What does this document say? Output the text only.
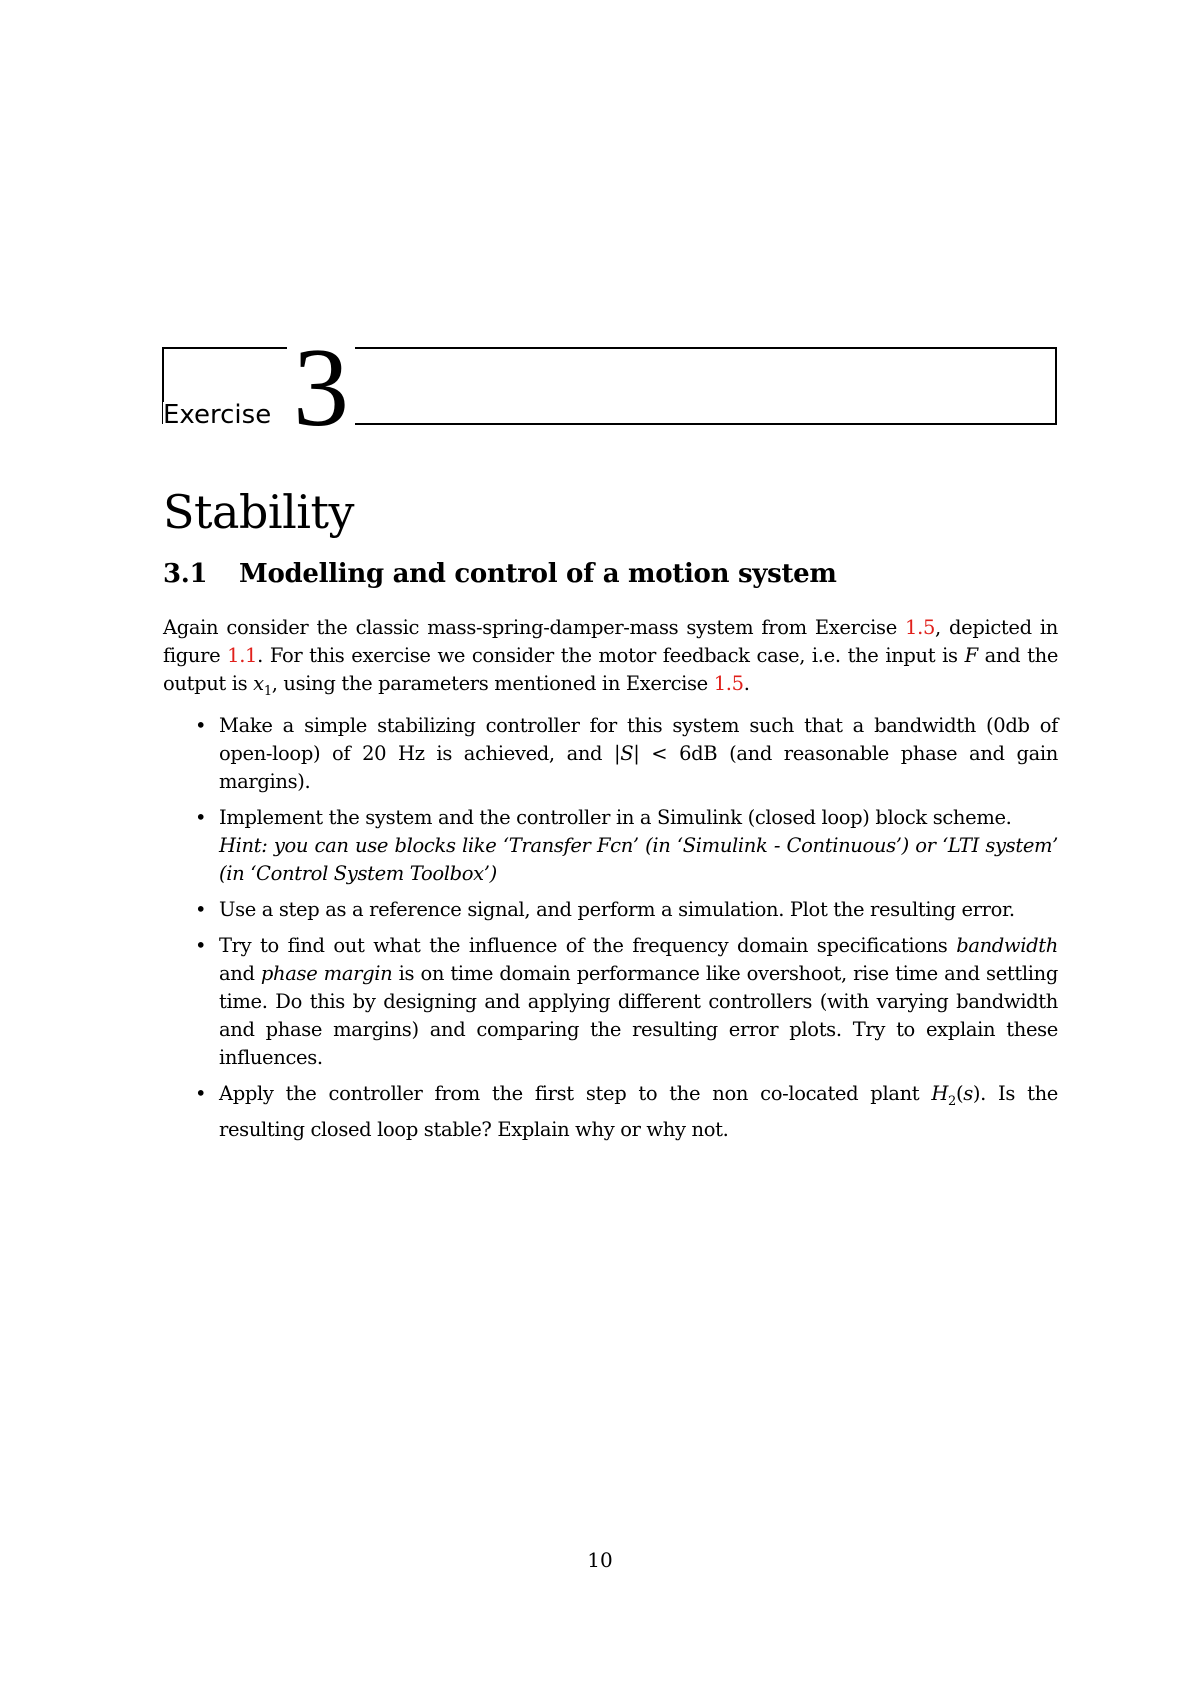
Exercise 3
Stability
3.1 Modelling and control of a motion system

Again consider the classic mass-spring-damper-mass system from Exercise 1.5, depicted in figure 1.1. For this exercise we consider the motor feedback case, i.e. the input is F and the output is $x_1$, using the parameters mentioned in Exercise 1.5.

• Make a simple stabilizing controller for this system such that a bandwidth (0db of open-loop) of 20 Hz is achieved, and |S| < 6dB (and reasonable phase and gain margins).
• Implement the system and the controller in a Simulink (closed loop) block scheme.
Hint: you can use blocks like ‘Transfer Fcn’ (in ‘Simulink - Continuous’) or ‘LTI system’ (in ‘Control System Toolbox’)
• Use a step as a reference signal, and perform a simulation. Plot the resulting error.
• Try to find out what the influence of the frequency domain specifications bandwidth and phase margin is on time domain performance like overshoot, rise time and settling time. Do this by designing and applying different controllers (with varying bandwidth and phase margins) and comparing the resulting error plots. Try to explain these influences.
• Apply the controller from the first step to the non co-located plant $H_2(s)$. Is the resulting closed loop stable? Explain why or why not.
10
